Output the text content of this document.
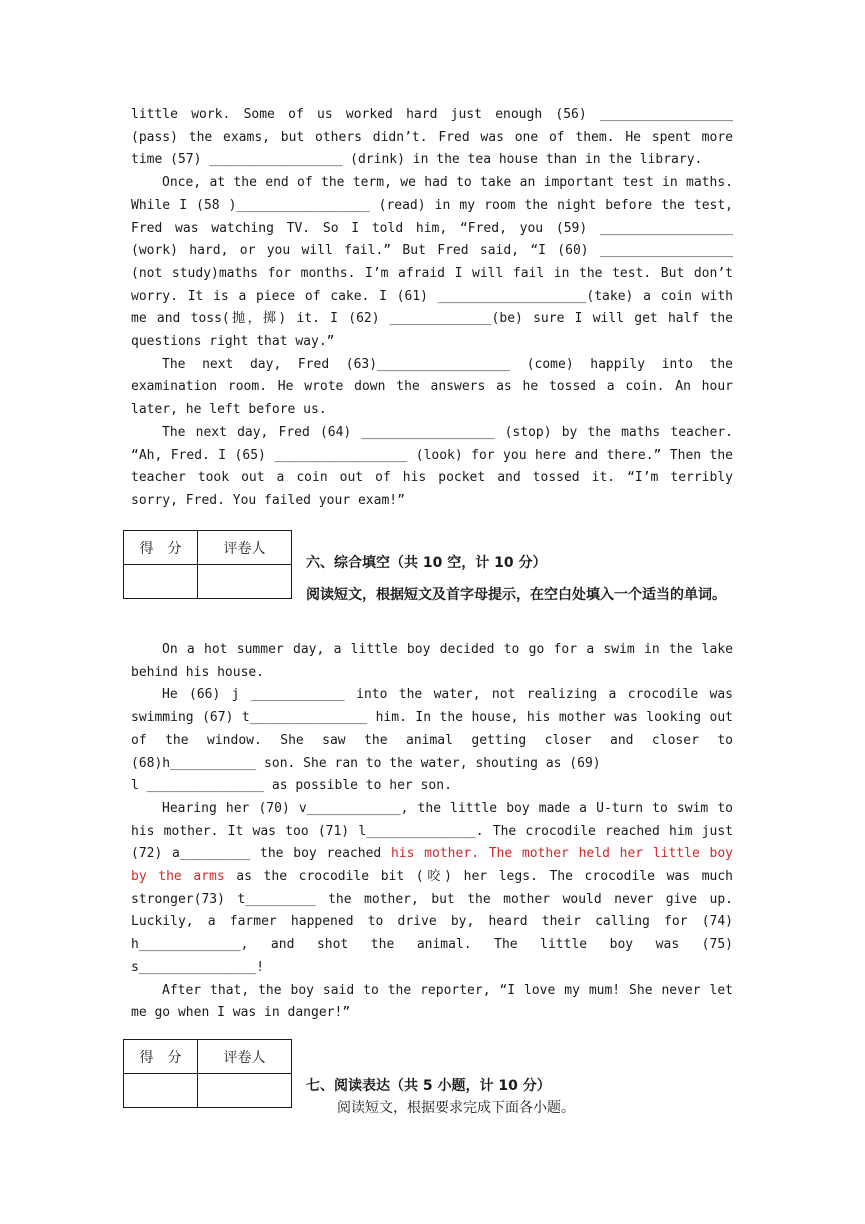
little work. Some of us worked hard just enough (56) _________________ (pass) the exams, but others didn’t. Fred was one of them. He spent more time (57) _________________ (drink) in the tea house than in the library.

Once, at the end of the term, we had to take an important test in maths. While I (58 )_________________ (read) in my room the night before the test, Fred was watching TV. So I told him, “Fred, you (59) _________________ (work) hard, or you will fail.” But Fred said, “I (60) _________________ (not study)maths for months. I’m afraid I will fail in the test. But don’t worry. It is a piece of cake. I (61) ___________________(take) a coin with me and toss(抛，掷) it. I (62) _____________(be) sure I will get half the questions right that way.”

The next day, Fred (63)_________________ (come) happily into the examination room. He wrote down the answers as he tossed a coin. An hour later, he left before us.

The next day, Fred (64) _________________ (stop) by the maths teacher. “Ah, Fred. I (65) _________________ (look) for you here and there.” Then the teacher took out a coin out of his pocket and tossed it. “I’m terribly sorry, Fred. You failed your exam!”

得　分	评卷人

六、综合填空（共 10 空，计 10 分）

阅读短文，根据短文及首字母提示，在空白处填入一个适当的单词。

On a hot summer day, a little boy decided to go for a swim in the lake behind his house.

He (66) j ____________ into the water, not realizing a crocodile was swimming (67) t_______________ him. In the house, his mother was looking out of the window. She saw the animal getting closer and closer to (68)h___________ son. She ran to the water, shouting as (69)

l _______________ as possible to her son.

Hearing her (70) v____________, the little boy made a U-turn to swim to his mother. It was too (71) l______________. The crocodile reached him just (72) a_________ the boy reached his mother. The mother held her little boy by the arms as the crocodile bit (咬) her legs. The crocodile was much stronger(73) t_________ the mother, but the mother would never give up. Luckily, a farmer happened to drive by, heard their calling for (74) h_____________, and shot the animal. The little boy was (75) s_______________!

After that, the boy said to the reporter, “I love my mum! She never let me go when I was in danger!”

得　分	评卷人

七、阅读表达（共 5 小题，计 10 分）

阅读短文，根据要求完成下面各小题。
